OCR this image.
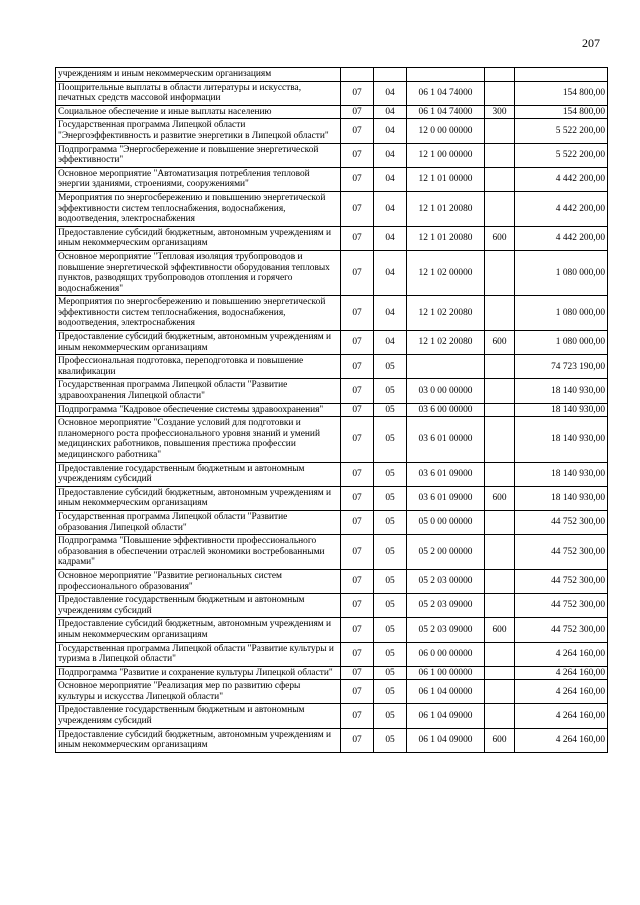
207
учреждениям и иным некоммерческим организациям					
Поощрительные выплаты в области литературы и искусства, печатных средств массовой информации	07	04	06 1 04 74000		154 800,00
Социальное обеспечение и иные выплаты населению	07	04	06 1 04 74000	300	154 800,00
Государственная программа Липецкой области "Энергоэффективность и развитие энергетики в Липецкой области"	07	04	12 0 00 00000		5 522 200,00
Подпрограмма "Энергосбережение и повышение энергетической эффективности"	07	04	12 1 00 00000		5 522 200,00
Основное мероприятие "Автоматизация потребления тепловой энергии зданиями, строениями, сооружениями"	07	04	12 1 01 00000		4 442 200,00
Мероприятия по энергосбережению и повышению энергетической эффективности систем теплоснабжения, водоснабжения, водоотведения, электроснабжения	07	04	12 1 01 20080		4 442 200,00
Предоставление субсидий бюджетным, автономным учреждениям и иным некоммерческим организациям	07	04	12 1 01 20080	600	4 442 200,00
Основное мероприятие "Тепловая изоляция трубопроводов и повышение энергетической эффективности оборудования тепловых пунктов, разводящих трубопроводов отопления и горячего водоснабжения"	07	04	12 1 02 00000		1 080 000,00
Мероприятия по энергосбережению и повышению энергетической эффективности систем теплоснабжения, водоснабжения, водоотведения, электроснабжения	07	04	12 1 02 20080		1 080 000,00
Предоставление субсидий бюджетным, автономным учреждениям и иным некоммерческим организациям	07	04	12 1 02 20080	600	1 080 000,00
Профессиональная подготовка, переподготовка и повышение квалификации	07	05			74 723 190,00
Государственная программа Липецкой области "Развитие здравоохранения Липецкой области"	07	05	03 0 00 00000		18 140 930,00
Подпрограмма "Кадровое обеспечение системы здравоохранения"	07	05	03 6 00 00000		18 140 930,00
Основное мероприятие "Создание условий для подготовки и планомерного роста профессионального уровня знаний и умений медицинских работников, повышения престижа профессии медицинского работника"	07	05	03 6 01 00000		18 140 930,00
Предоставление государственным бюджетным и автономным учреждениям субсидий	07	05	03 6 01 09000		18 140 930,00
Предоставление субсидий бюджетным, автономным учреждениям и иным некоммерческим организациям	07	05	03 6 01 09000	600	18 140 930,00
Государственная программа Липецкой области "Развитие образования Липецкой области"	07	05	05 0 00 00000		44 752 300,00
Подпрограмма "Повышение эффективности профессионального образования в обеспечении отраслей экономики востребованными кадрами"	07	05	05 2 00 00000		44 752 300,00
Основное мероприятие "Развитие региональных систем профессионального образования"	07	05	05 2 03 00000		44 752 300,00
Предоставление государственным бюджетным и автономным учреждениям субсидий	07	05	05 2 03 09000		44 752 300,00
Предоставление субсидий бюджетным, автономным учреждениям и иным некоммерческим организациям	07	05	05 2 03 09000	600	44 752 300,00
Государственная программа Липецкой области "Развитие культуры и туризма в Липецкой области"	07	05	06 0 00 00000		4 264 160,00
Подпрограмма "Развитие и сохранение культуры Липецкой области"	07	05	06 1 00 00000		4 264 160,00
Основное мероприятие "Реализация мер по развитию сферы культуры и искусства Липецкой области"	07	05	06 1 04 00000		4 264 160,00
Предоставление государственным бюджетным и автономным учреждениям субсидий	07	05	06 1 04 09000		4 264 160,00
Предоставление субсидий бюджетным, автономным учреждениям и иным некоммерческим организациям	07	05	06 1 04 09000	600	4 264 160,00
